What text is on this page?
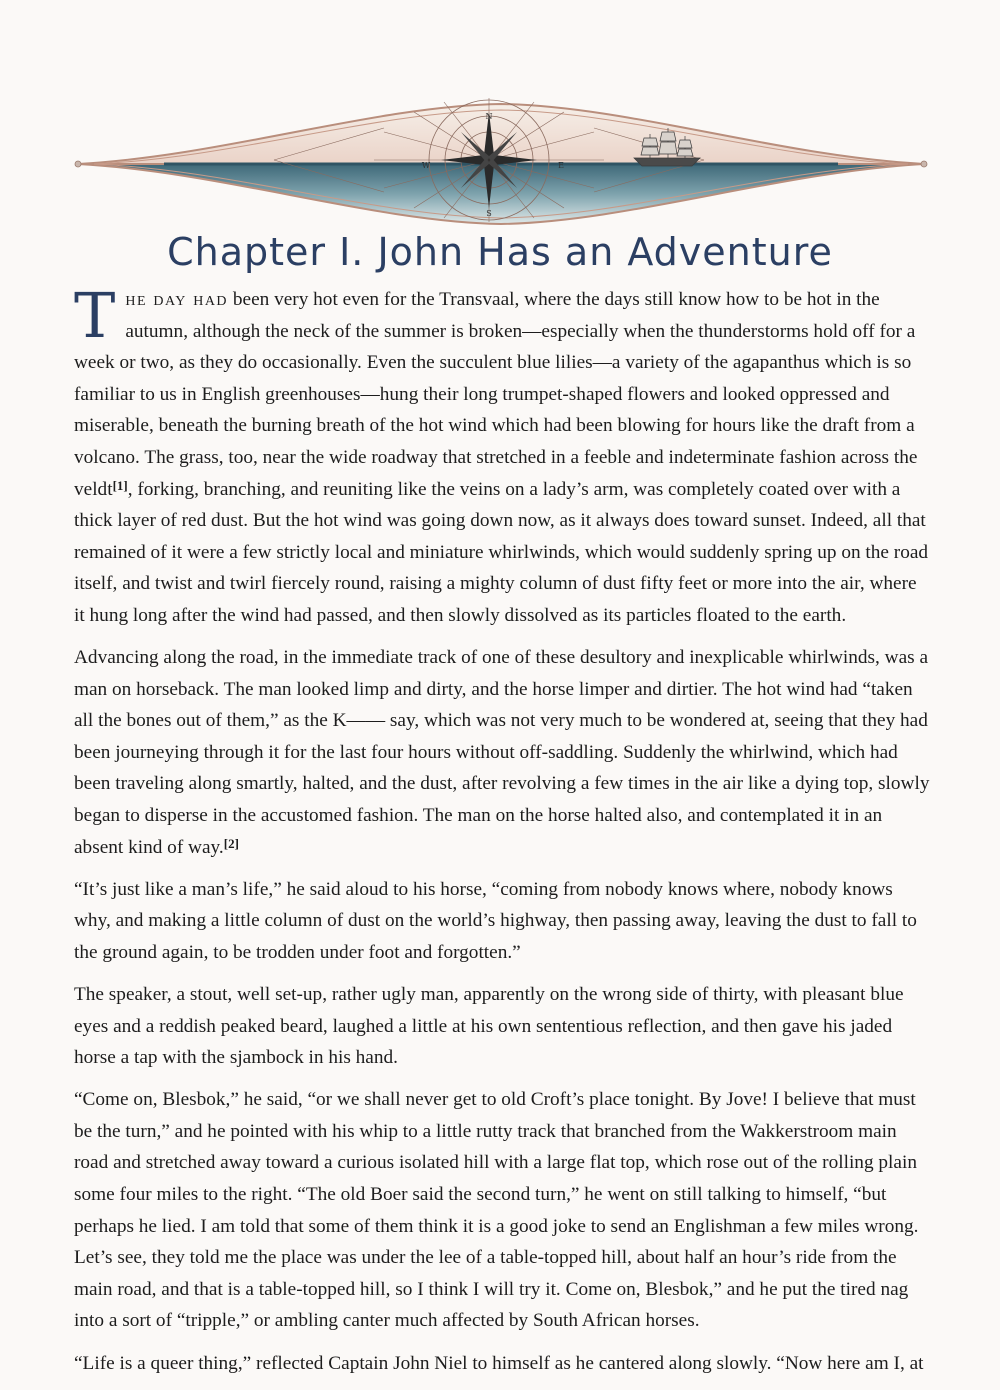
N
W	E
S
Chapter I. John Has an Adventure

The day had been very hot even for the Transvaal, where the days still know how to be hot in the autumn, although the neck of the summer is broken—especially when the thunderstorms hold off for a week or two, as they do occasionally. Even the succulent blue lilies—a variety of the agapanthus which is so familiar to us in English greenhouses—hung their long trumpet-shaped flowers and looked oppressed and miserable, beneath the burning breath of the hot wind which had been blowing for hours like the draft from a volcano. The grass, too, near the wide roadway that stretched in a feeble and indeterminate fashion across the veldt[1], forking, branching, and reuniting like the veins on a lady’s arm, was completely coated over with a thick layer of red dust. But the hot wind was going down now, as it always does toward sunset. Indeed, all that remained of it were a few strictly local and miniature whirlwinds, which would suddenly spring up on the road itself, and twist and twirl fiercely round, raising a mighty column of dust fifty feet or more into the air, where it hung long after the wind had passed, and then slowly dissolved as its particles floated to the earth.

Advancing along the road, in the immediate track of one of these desultory and inexplicable whirlwinds, was a man on horseback. The man looked limp and dirty, and the horse limper and dirtier. The hot wind had “taken all the bones out of them,” as the K—— say, which was not very much to be wondered at, seeing that they had been journeying through it for the last four hours without off-saddling. Suddenly the whirlwind, which had been traveling along smartly, halted, and the dust, after revolving a few times in the air like a dying top, slowly began to disperse in the accustomed fashion. The man on the horse halted also, and contemplated it in an absent kind of way.[2]

“It’s just like a man’s life,” he said aloud to his horse, “coming from nobody knows where, nobody knows why, and making a little column of dust on the world’s highway, then passing away, leaving the dust to fall to the ground again, to be trodden under foot and forgotten.”

The speaker, a stout, well set-up, rather ugly man, apparently on the wrong side of thirty, with pleasant blue eyes and a reddish peaked beard, laughed a little at his own sententious reflection, and then gave his jaded horse a tap with the sjambock in his hand.

“Come on, Blesbok,” he said, “or we shall never get to old Croft’s place tonight. By Jove! I believe that must be the turn,” and he pointed with his whip to a little rutty track that branched from the Wakkerstroom main road and stretched away toward a curious isolated hill with a large flat top, which rose out of the rolling plain some four miles to the right. “The old Boer said the second turn,” he went on still talking to himself, “but perhaps he lied. I am told that some of them think it is a good joke to send an Englishman a few miles wrong. Let’s see, they told me the place was under the lee of a table-topped hill, about half an hour’s ride from the main road, and that is a table-topped hill, so I think I will try it. Come on, Blesbok,” and he put the tired nag into a sort of “tripple,” or ambling canter much affected by South African horses.

“Life is a queer thing,” reflected Captain John Niel to himself as he cantered along slowly. “Now here am I, at
